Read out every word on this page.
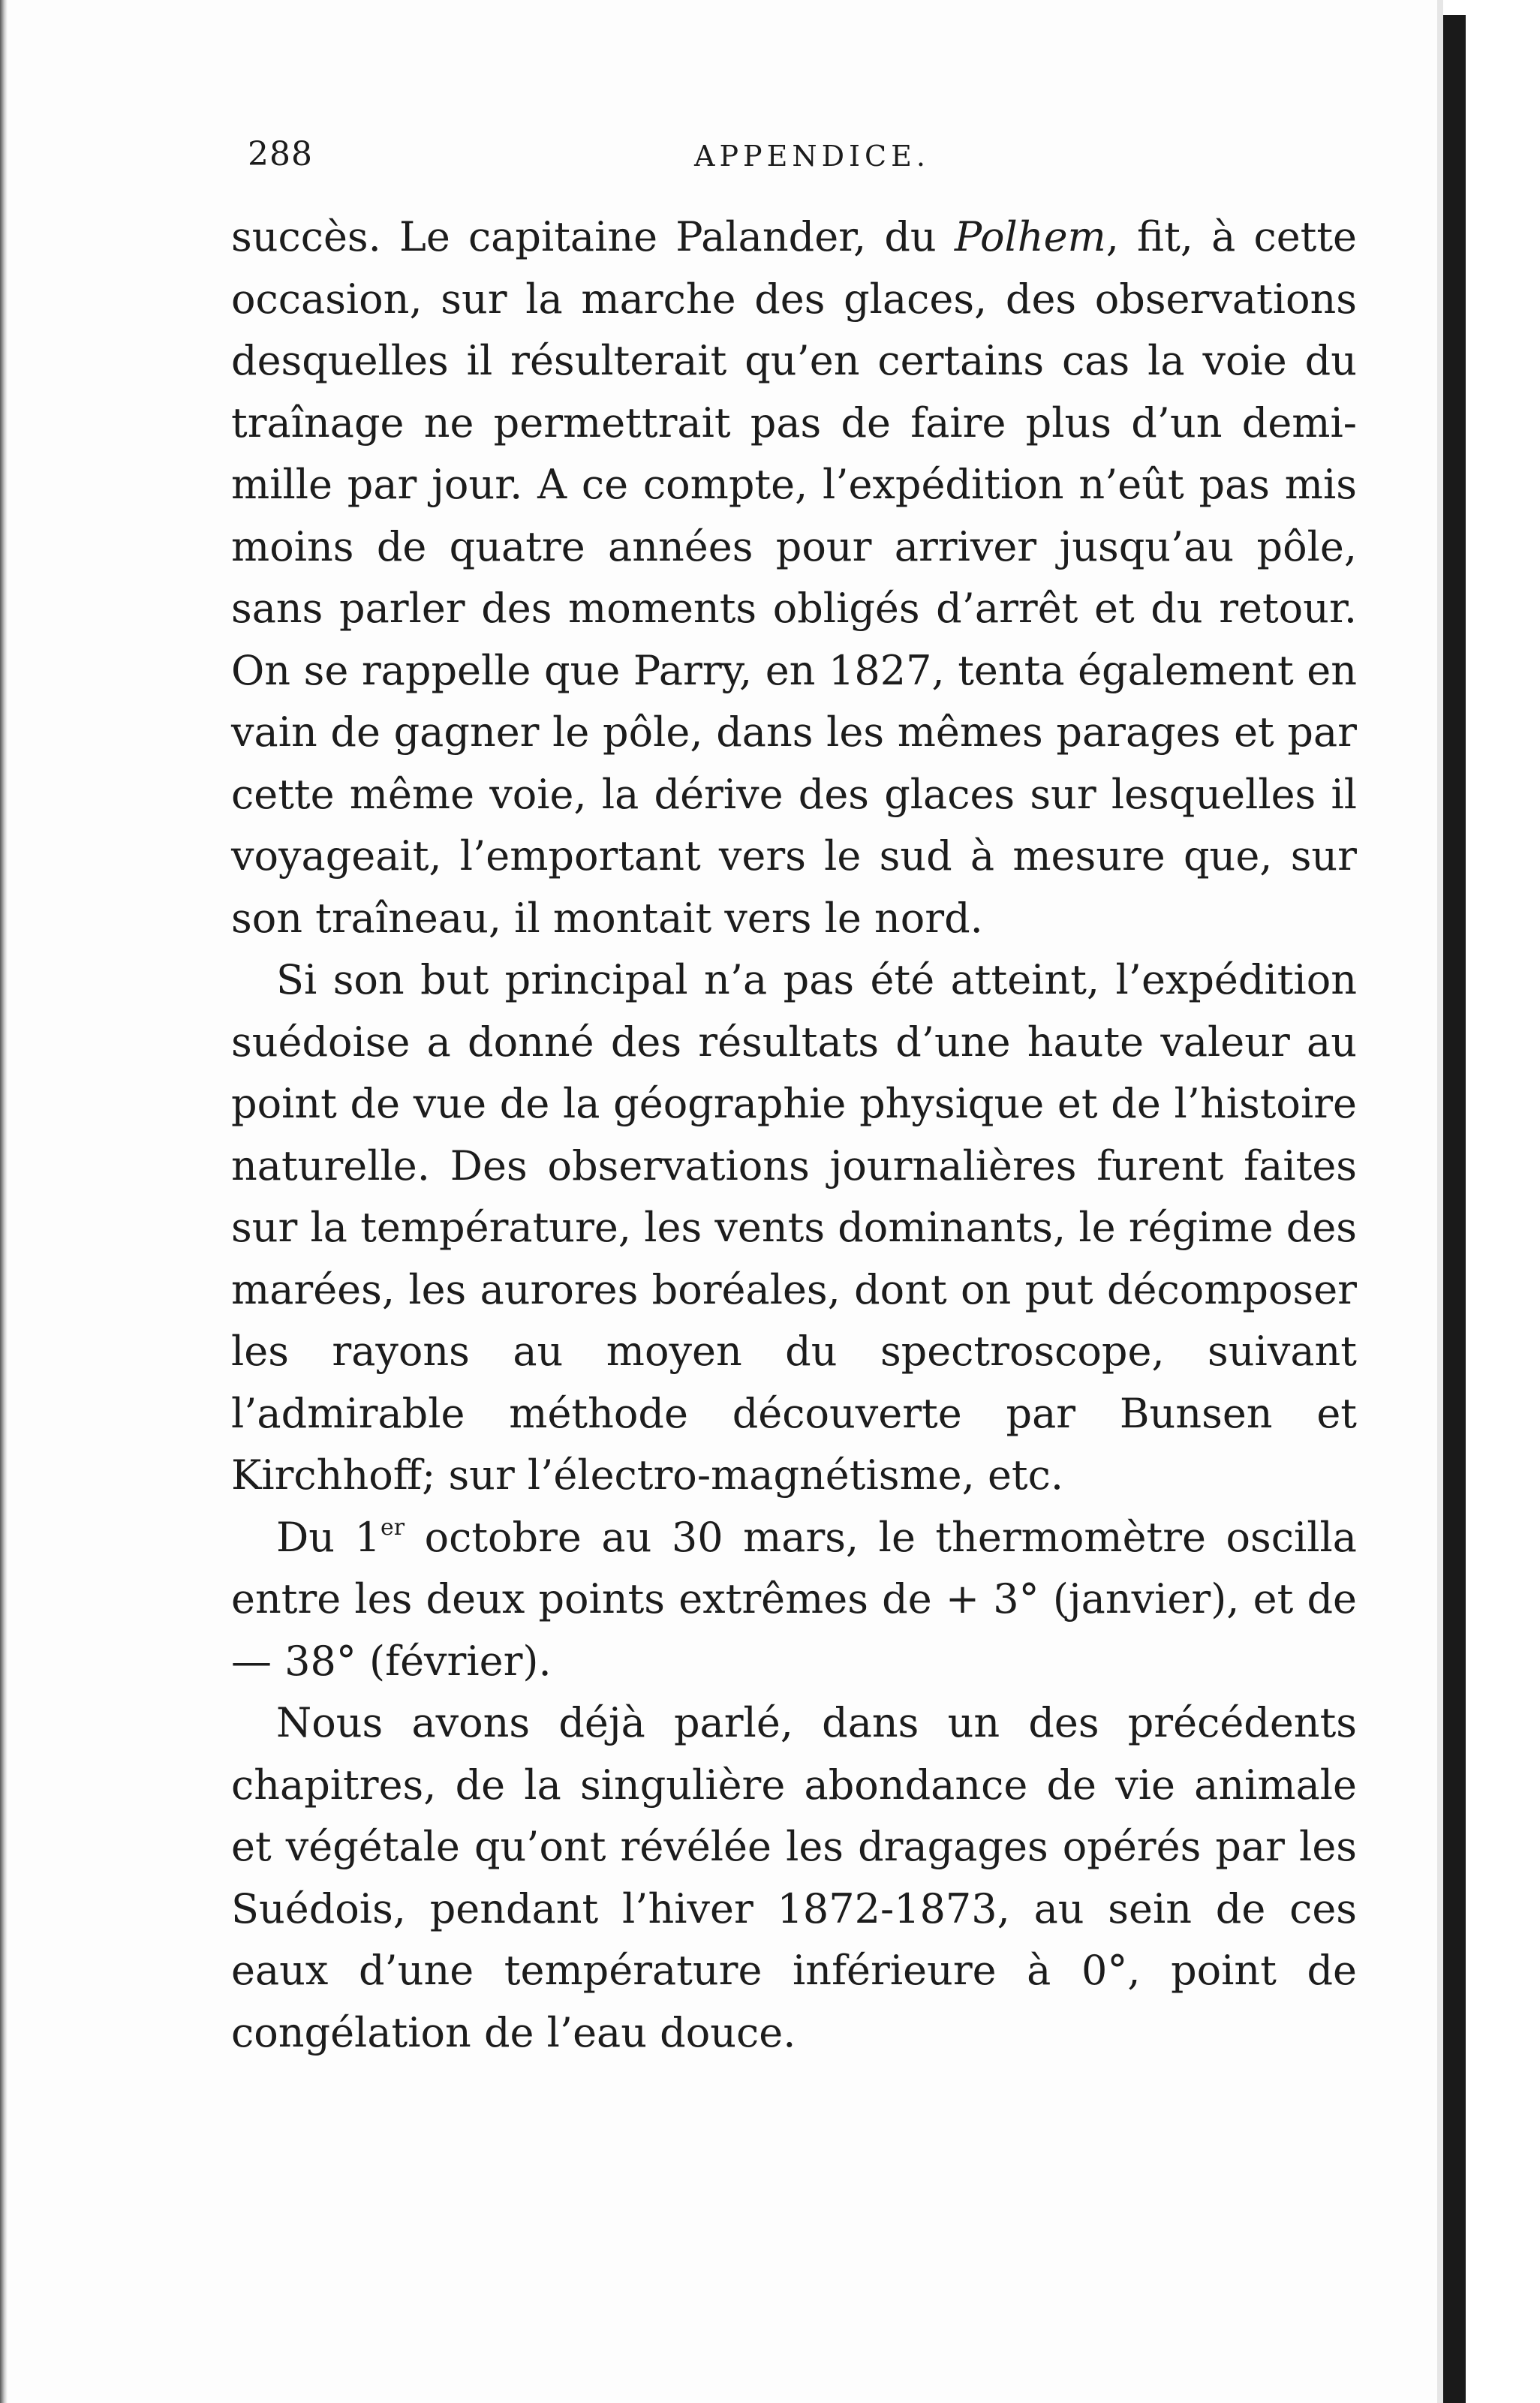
288	APPENDICE.

succès. Le capitaine Palander, du Polhem, fit, à cette occasion, sur la marche des glaces, des observations desquelles il résulterait qu’en certains cas la voie du traînage ne permettrait pas de faire plus d’un demi-mille par jour. A ce compte, l’expédition n’eût pas mis moins de quatre années pour arriver jusqu’au pôle, sans parler des moments obligés d’arrêt et du retour. On se rappelle que Parry, en 1827, tenta également en vain de gagner le pôle, dans les mêmes parages et par cette même voie, la dérive des glaces sur lesquelles il voyageait, l’emportant vers le sud à mesure que, sur son traîneau, il montait vers le nord.

Si son but principal n’a pas été atteint, l’expédition suédoise a donné des résultats d’une haute valeur au point de vue de la géographie physique et de l’histoire naturelle. Des observations journalières furent faites sur la température, les vents dominants, le régime des marées, les aurores boréales, dont on put décomposer les rayons au moyen du spectroscope, suivant l’admirable méthode découverte par Bunsen et Kirchhoff; sur l’électro-magnétisme, etc.

Du 1er octobre au 30 mars, le thermomètre oscilla entre les deux points extrêmes de + 3° (janvier), et de — 38° (février).

Nous avons déjà parlé, dans un des précédents chapitres, de la singulière abondance de vie animale et végétale qu’ont révélée les dragages opérés par les Suédois, pendant l’hiver 1872-1873, au sein de ces eaux d’une température inférieure à 0°, point de congélation de l’eau douce.
